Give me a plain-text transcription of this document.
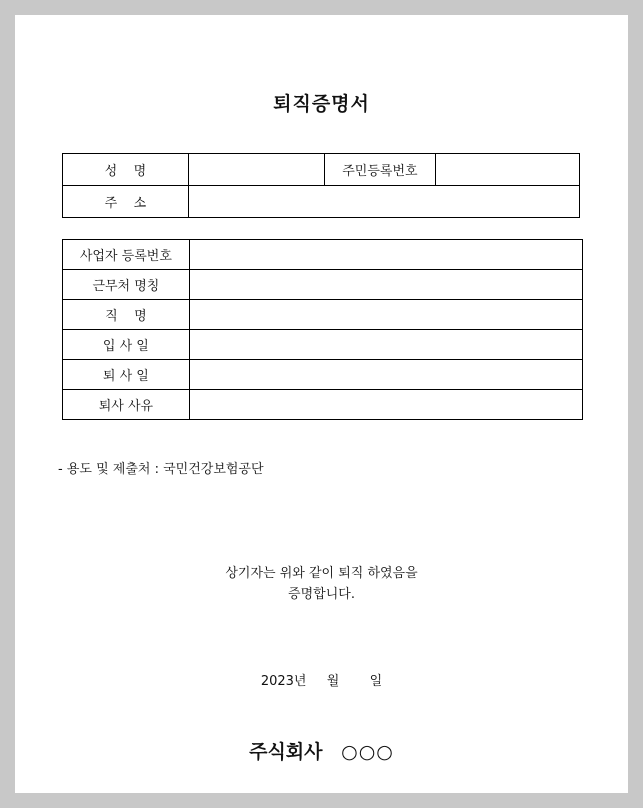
퇴직증명서
성    명		주민등록번호	
주    소			
사업자 등록번호	
근무처 명칭	
직    명	
입 사 일	
퇴 사 일	
퇴사 사유	
- 용도 및 제출처 : 국민건강보험공단
상기자는 위와 같이 퇴직 하였음을
증명합니다.
2023년 월 일
주식회사 ○○○
